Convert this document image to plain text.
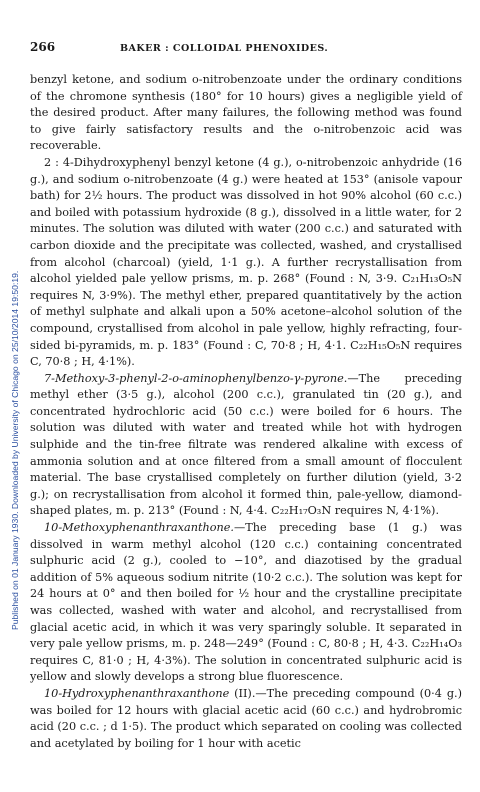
Published on 01 January 1930. Downloaded by University of Chicago on 25/10/2014 19:50:19.
266	BAKER : COLLOIDAL PHENOXIDES.

benzyl ketone, and sodium o-nitrobenzoate under the ordinary conditions of the chromone synthesis (180° for 10 hours) gives a negligible yield of the desired product. After many failures, the following method was found to give fairly satisfactory results and the o-nitrobenzoic acid was recoverable.

2 : 4-Dihydroxyphenyl benzyl ketone (4 g.), o-nitrobenzoic anhydride (16 g.), and sodium o-nitrobenzoate (4 g.) were heated at 153° (anisole vapour bath) for 2½ hours. The product was dissolved in hot 90% alcohol (60 c.c.) and boiled with potassium hydroxide (8 g.), dissolved in a little water, for 2 minutes. The solution was diluted with water (200 c.c.) and saturated with carbon dioxide and the precipitate was collected, washed, and crystallised from alcohol (charcoal) (yield, 1·1 g.). A further recrystallisation from alcohol yielded pale yellow prisms, m. p. 268° (Found : N, 3·9. C₂₁H₁₃O₅N requires N, 3·9%). The methyl ether, prepared quantitatively by the action of methyl sulphate and alkali upon a 50% acetone–alcohol solution of the compound, crystallised from alcohol in pale yellow, highly refracting, four-sided bi-pyramids, m. p. 183° (Found : C, 70·8 ; H, 4·1. C₂₂H₁₅O₅N requires C, 70·8 ; H, 4·1%).

7-Methoxy-3-phenyl-2-o-aminophenylbenzo-γ-pyrone.—The preceding methyl ether (3·5 g.), alcohol (200 c.c.), granulated tin (20 g.), and concentrated hydrochloric acid (50 c.c.) were boiled for 6 hours. The solution was diluted with water and treated while hot with hydrogen sulphide and the tin-free filtrate was rendered alkaline with excess of ammonia solution and at once filtered from a small amount of flocculent material. The base crystallised completely on further dilution (yield, 3·2 g.); on recrystallisation from alcohol it formed thin, pale-yellow, diamond-shaped plates, m. p. 213° (Found : N, 4·4. C₂₂H₁₇O₃N requires N, 4·1%).

10-Methoxyphenanthraxanthone.—The preceding base (1 g.) was dissolved in warm methyl alcohol (120 c.c.) containing concentrated sulphuric acid (2 g.), cooled to −10°, and diazotised by the gradual addition of 5% aqueous sodium nitrite (10·2 c.c.). The solution was kept for 24 hours at 0° and then boiled for ½ hour and the crystalline precipitate was collected, washed with water and alcohol, and recrystallised from glacial acetic acid, in which it was very sparingly soluble. It separated in very pale yellow prisms, m. p. 248—249° (Found : C, 80·8 ; H, 4·3. C₂₂H₁₄O₃ requires C, 81·0 ; H, 4·3%). The solution in concentrated sulphuric acid is yellow and slowly develops a strong blue fluorescence.

10-Hydroxyphenanthraxanthone (II).—The preceding compound (0·4 g.) was boiled for 12 hours with glacial acetic acid (60 c.c.) and hydrobromic acid (20 c.c. ; d 1·5). The product which separated on cooling was collected and acetylated by boiling for 1 hour with acetic
